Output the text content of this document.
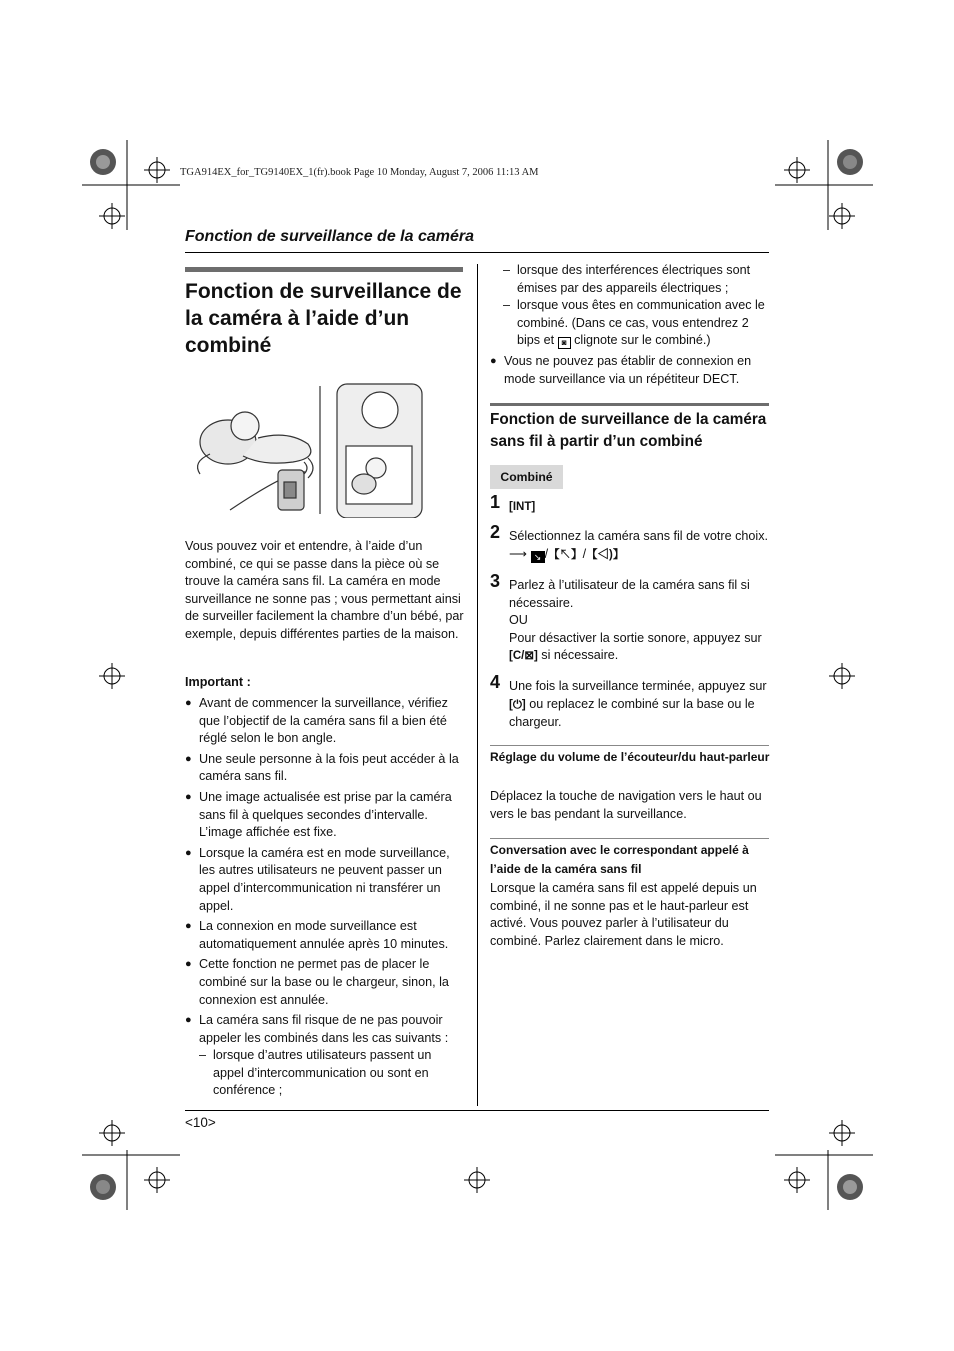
TGA914EX_for_TG9140EX_1(fr).book Page 10 Monday, August 7, 2006 11:13 AM
Fonction de surveillance de la caméra
<10>
Fonction de surveillance de la caméra à l’aide d’un combiné
Vous pouvez voir et entendre, à l’aide d’un combiné, ce qui se passe dans la pièce où se trouve la caméra sans fil. La caméra en mode surveillance ne sonne pas ; vous permettant ainsi de surveiller facilement la chambre d’un bébé, par exemple, depuis différentes parties de la maison.
Important :
● Avant de commencer la surveillance, vérifiez que l’objectif de la caméra sans fil a bien été réglé selon le bon angle.
● Une seule personne à la fois peut accéder à la caméra sans fil.
● Une image actualisée est prise par la caméra sans fil à quelques secondes d’intervalle. L’image affichée est fixe.
● Lorsque la caméra est en mode surveillance, les autres utilisateurs ne peuvent passer un appel d’intercommunication ni transférer un appel.
● La connexion en mode surveillance est automatiquement annulée après 10 minutes.
● Cette fonction ne permet pas de placer le combiné sur la base ou le chargeur, sinon, la connexion est annulée.
● La caméra sans fil risque de ne pas pouvoir appeler les combinés dans les cas suivants :
– lorsque d’autres utilisateurs passent un appel d’intercommunication ou sont en conférence ;
– lorsque des interférences électriques sont émises par des appareils électriques ;
– lorsque vous êtes en communication avec le combiné. (Dans ce cas, vous entendrez 2 bips et ◙ clignote sur le combiné.)
● Vous ne pouvez pas établir de connexion en mode surveillance via un répétiteur DECT.
Fonction de surveillance de la caméra sans fil à partir d’un combiné
Combiné
1 [INT]
2 Sélectionnez la caméra sans fil de votre choix. ⟶ ↘ /【↖】/【◁)】
3 Parlez à l’utilisateur de la caméra sans fil si nécessaire.
OU
Pour désactiver la sortie sonore, appuyez sur [C/⊠] si nécessaire.
4 Une fois la surveillance terminée, appuyez sur [⏻] ou replacez le combiné sur la base ou le chargeur.
Réglage du volume de l’écouteur/du haut-parleur
Déplacez la touche de navigation vers le haut ou vers le bas pendant la surveillance.
Conversation avec le correspondant appelé à l’aide de la caméra sans fil
Lorsque la caméra sans fil est appelé depuis un combiné, il ne sonne pas et le haut-parleur est activé. Vous pouvez parler à l’utilisateur du combiné. Parlez clairement dans le micro.
